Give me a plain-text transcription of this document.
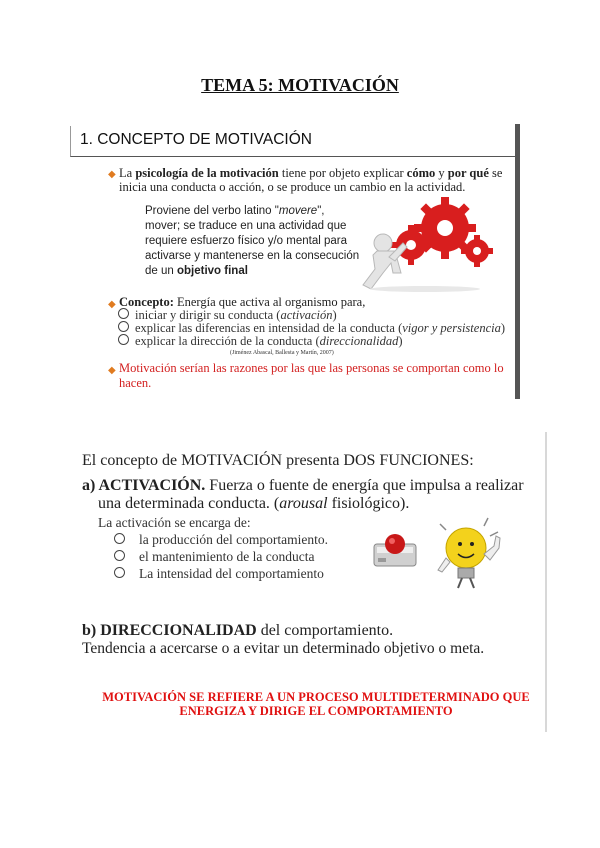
TEMA 5: MOTIVACIÓN
1. CONCEPTO DE MOTIVACIÓN
◆ La psicología de la motivación tiene por objeto explicar cómo y por qué se inicia una conducta o acción, o se produce un cambio en la actividad.
Proviene del verbo latino "movere", mover; se traduce en una actividad que requiere esfuerzo físico y/o mental para activarse y mantenerse en la consecución de un objetivo final
◆ Concepto: Energía que activa al organismo para,
iniciar y dirigir su conducta (activación)
explicar las diferencias en intensidad de la conducta (vigor y persistencia)
explicar la dirección de la conducta (direccionalidad)
(Jiménez Abascal, Ballesta y Martín, 2007)
◆ Motivación serían las razones por las que las personas se comportan como lo hacen.
El concepto de MOTIVACIÓN presenta DOS FUNCIONES:
a) ACTIVACIÓN. Fuerza o fuente de energía que impulsa a realizar
una determinada conducta. (arousal fisiológico).
La activación se encarga de:
la producción del comportamiento.
el mantenimiento de la conducta
La intensidad del comportamiento
b) DIRECCIONALIDAD del comportamiento.
Tendencia a acercarse o a evitar un determinado objetivo o meta.
MOTIVACIÓN SE REFIERE A UN PROCESO MULTIDETERMINADO QUE
ENERGIZA Y DIRIGE EL COMPORTAMIENTO
